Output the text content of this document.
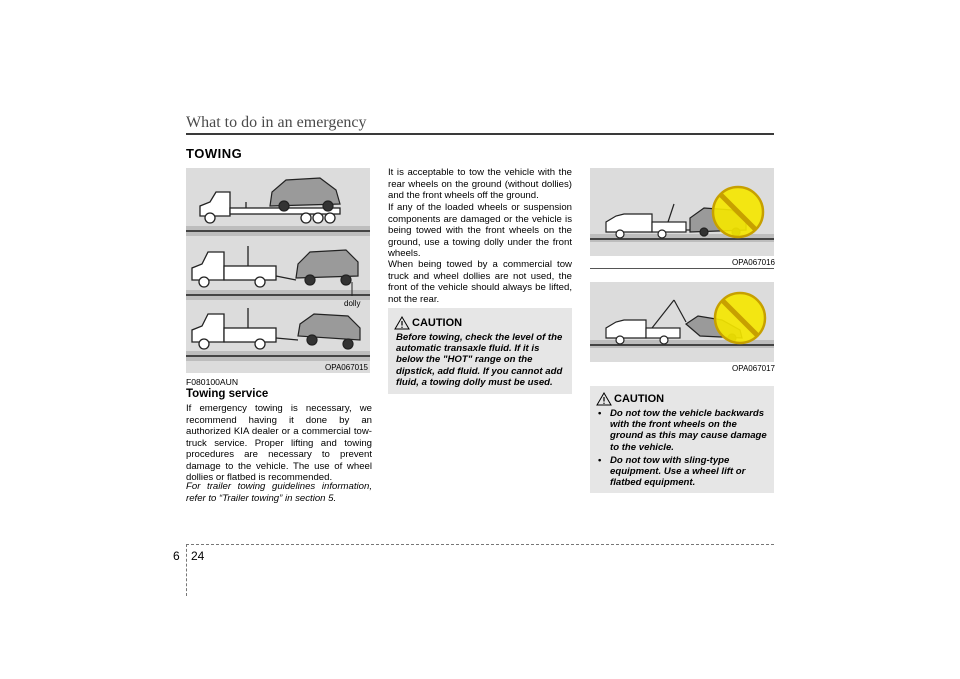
What to do in an emergency
TOWING
dolly
OPA067015
F080100AUN
Towing service
If emergency towing is necessary, we recommend having it done by an authorized KIA dealer or a commercial tow-truck service. Proper lifting and towing procedures are necessary to prevent damage to the vehicle. The use of wheel dollies or flatbed is recommended.
For trailer towing guidelines information, refer to “Trailer towing” in section 5.
It is acceptable to tow the vehicle with the rear wheels on the ground (without dollies) and the front wheels off the ground.
If any of the loaded wheels or suspension components are damaged or the vehicle is being towed with the front wheels on the ground, use a towing dolly under the front wheels.
When being towed by a commercial tow truck and wheel dollies are not used, the front of the vehicle should always be lifted, not the rear.
CAUTION
Before towing, check the level of the automatic transaxle fluid. If it is below the "HOT" range on the dipstick, add fluid. If you cannot add fluid, a towing dolly must be used.
OPA067016
OPA067017
CAUTION
• Do not tow the vehicle backwards with the front wheels on the ground as this may cause damage to the vehicle.
• Do not tow with sling-type equipment. Use a wheel lift or flatbed equipment.
6 24
